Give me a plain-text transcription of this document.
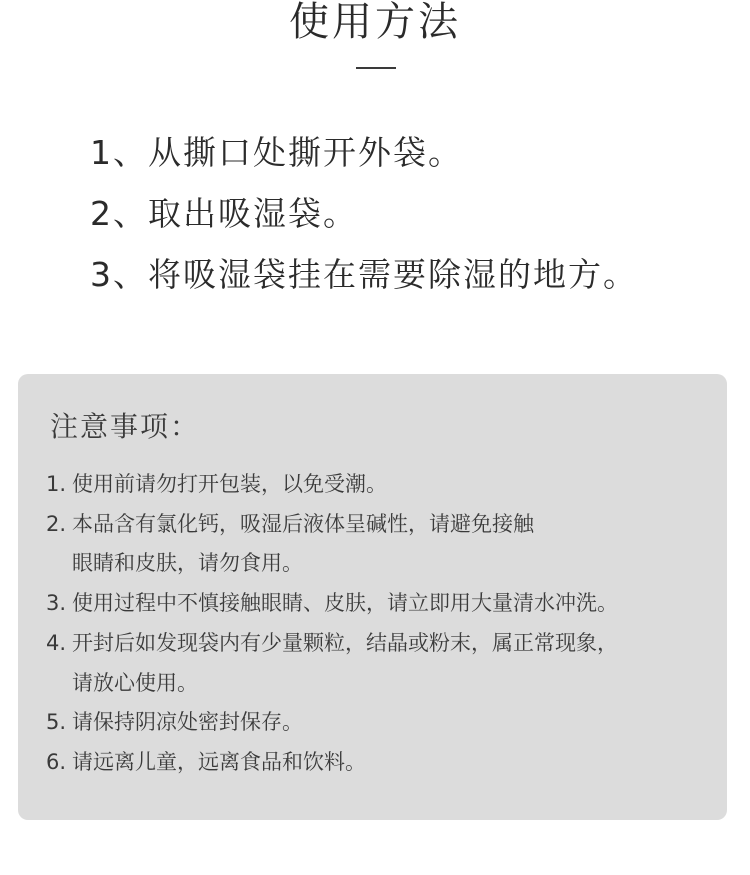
使用方法
1、从撕口处撕开外袋。
2、取出吸湿袋。
3、将吸湿袋挂在需要除湿的地方。
注意事项：
1. 使用前请勿打开包装，以免受潮。
2. 本品含有氯化钙，吸湿后液体呈碱性，请避免接触
眼睛和皮肤，请勿食用。
3. 使用过程中不慎接触眼睛、皮肤，请立即用大量清水冲洗。
4. 开封后如发现袋内有少量颗粒，结晶或粉末，属正常现象，
请放心使用。
5. 请保持阴凉处密封保存。
6. 请远离儿童，远离食品和饮料。
